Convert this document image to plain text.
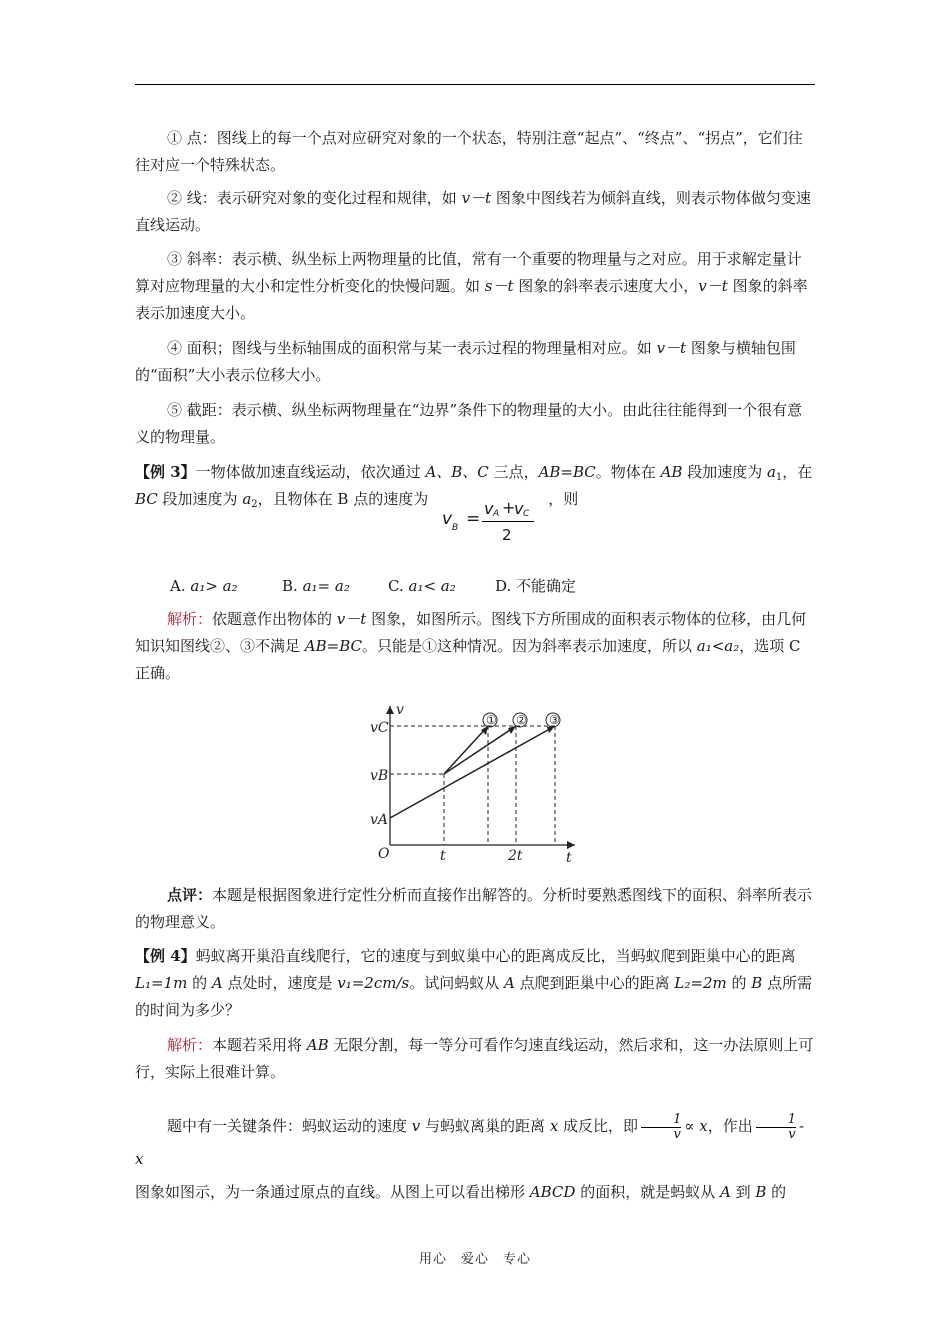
① 点：图线上的每一个点对应研究对象的一个状态，特别注意“起点”、“终点”、“拐点”，它们往往对应一个特殊状态。

② 线：表示研究对象的变化过程和规律，如 v－t 图象中图线若为倾斜直线，则表示物体做匀变速直线运动。

③ 斜率：表示横、纵坐标上两物理量的比值，常有一个重要的物理量与之对应。用于求解定量计算对应物理量的大小和定性分析变化的快慢问题。如 s－t 图象的斜率表示速度大小，v－t 图象的斜率表示加速度大小。

④ 面积；图线与坐标轴围成的面积常与某一表示过程的物理量相对应。如 v－t 图象与横轴包围的“面积”大小表示位移大小。

⑤ 截距：表示横、纵坐标两物理量在“边界”条件下的物理量的大小。由此往往能得到一个很有意义的物理量。

【例 3】一物体做加速直线运动，依次通过 A、B、C 三点，AB=BC。物体在 AB 段加速度为 $a_1$，在
BC 段加速度为 $a_2$，且物体在 B 点的速度为	，则

v B =
v A +
v C
2
A. a₁> a₂	B. a₁= a₂	C. a₁< a₂	D. 不能确定

解析：依题意作出物体的 v－t 图象，如图所示。图线下方所围成的面积表示物体的位移，由几何知识知图线②、③不满足 AB=BC。只能是①这种情况。因为斜率表示加速度，所以 a₁<a₂，选项 C 正确。

① ② ③
v
t
O
vC
vB
vA
t	2t

点评：本题是根据图象进行定性分析而直接作出解答的。分析时要熟悉图线下的面积、斜率所表示的物理意义。

【例 4】蚂蚁离开巢沿直线爬行，它的速度与到蚁巢中心的距离成反比，当蚂蚁爬到距巢中心的距离 L₁=1m 的 A 点处时，速度是 v₁=2cm/s。试问蚂蚁从 A 点爬到距巢中心的距离 L₂=2m 的 B 点所需的时间为多少？

解析：本题若采用将 AB 无限分割，每一等分可看作匀速直线运动，然后求和，这一办法原则上可行，实际上很难计算。

题中有一关键条件：蚂蚁运动的速度 v 与蚂蚁离巢的距离 x 成反比，即 $\frac{1}{v} \propto x$，作出 $\frac{1}{v}$ - x
图象如图示，为一条通过原点的直线。从图上可以看出梯形 ABCD 的面积，就是蚂蚁从 A 到 B 的

用心　爱心　专心
